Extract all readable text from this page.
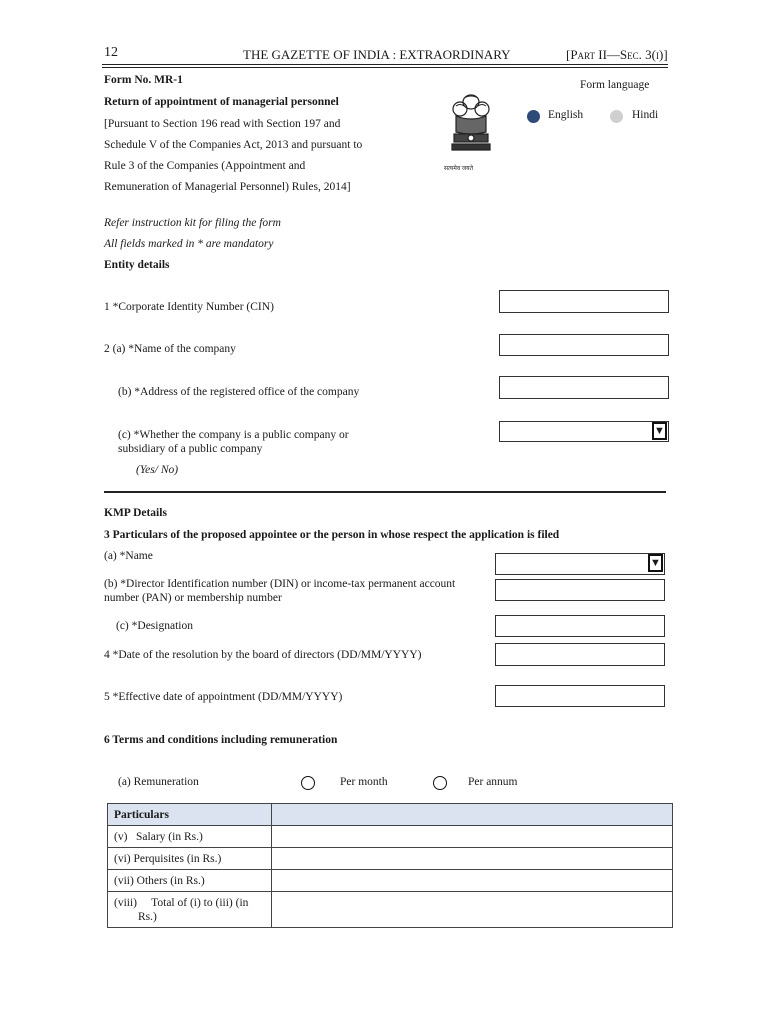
12	THE GAZETTE OF INDIA : EXTRAORDINARY	[Part II—Sec. 3(i)]
Form No. MR-1
Return of appointment of managerial personnel
[Pursuant to Section 196 read with Section 197 and
Schedule V of the Companies Act, 2013 and pursuant to
Rule 3 of the Companies (Appointment and
Remuneration of Managerial Personnel) Rules, 2014]
सत्यमेव जयते
Form language
English	Hindi
Refer instruction kit for filing the form
All fields marked in * are mandatory
Entity details
1 *Corporate Identity Number (CIN)
2 (a) *Name of the company
(b) *Address of the registered office of the company
(c) *Whether the company is a public company or
subsidiary of a public company
(Yes/ No)
▼
KMP Details
3 Particulars of the proposed appointee or the person in whose respect the application is filed
(a) *Name
▼
(b) *Director Identification number (DIN) or income-tax permanent account
number (PAN) or membership number
(c) *Designation
4 *Date of the resolution by the board of directors (DD/MM/YYYY)
5 *Effective date of appointment (DD/MM/YYYY)
6 Terms and conditions including remuneration
(a) Remuneration	Per month	Per annum
Particulars	
(v)   Salary (in Rs.)	
(vi) Perquisites (in Rs.)	
(vii) Others (in Rs.)	

(viii)     Total of (i) to (iii) (in
Rs.)	
